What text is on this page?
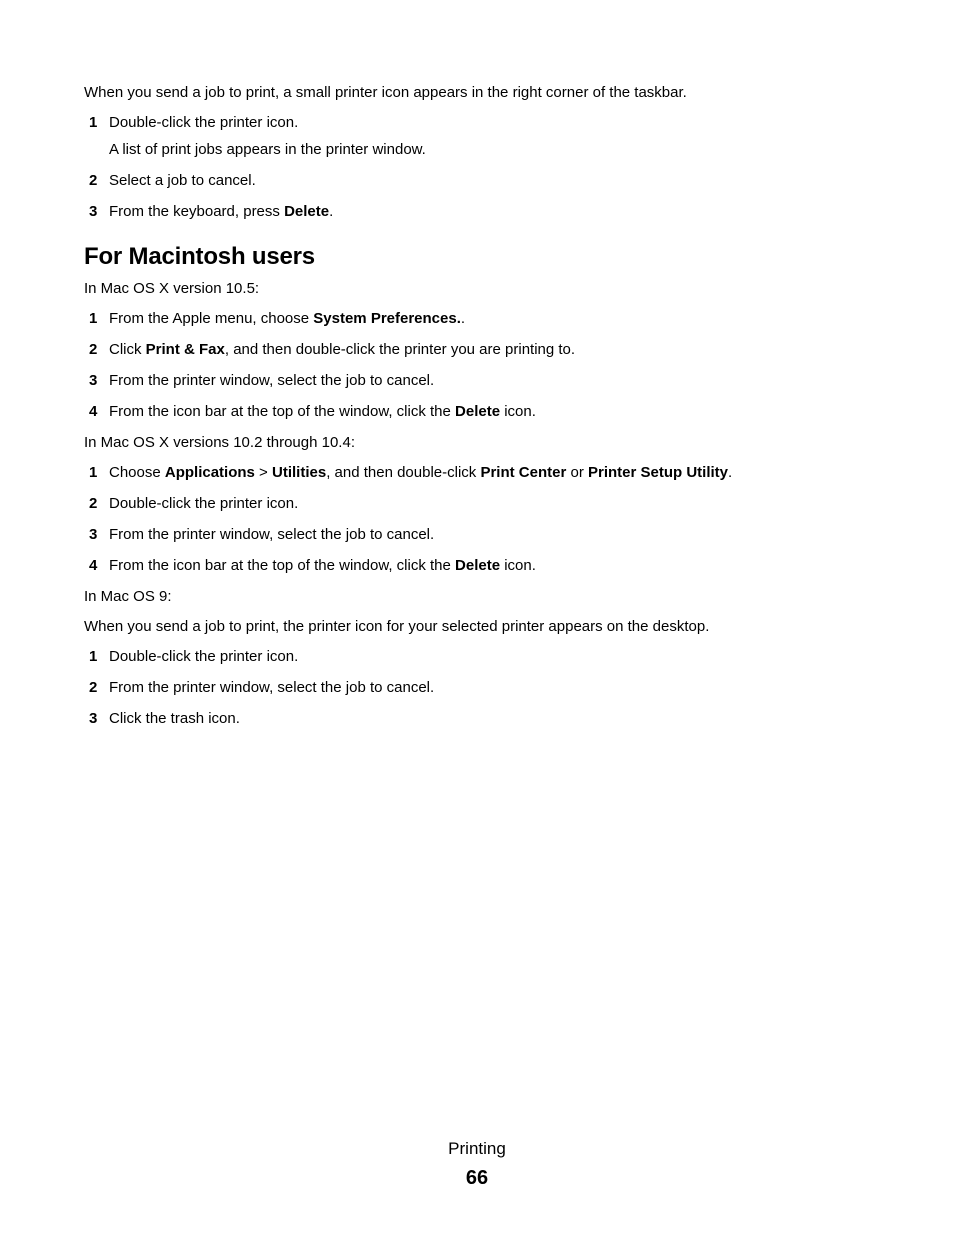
When you send a job to print, a small printer icon appears in the right corner of the taskbar.

1 Double-click the printer icon.
A list of print jobs appears in the printer window.
2 Select a job to cancel.
3 From the keyboard, press Delete.
For Macintosh users

In Mac OS X version 10.5:

1 From the Apple menu, choose System Preferences..
2 Click Print & Fax, and then double-click the printer you are printing to.
3 From the printer window, select the job to cancel.
4 From the icon bar at the top of the window, click the Delete icon.

In Mac OS X versions 10.2 through 10.4:

1 Choose Applications > Utilities, and then double-click Print Center or Printer Setup Utility.
2 Double-click the printer icon.
3 From the printer window, select the job to cancel.
4 From the icon bar at the top of the window, click the Delete icon.

In Mac OS 9:

When you send a job to print, the printer icon for your selected printer appears on the desktop.

1 Double-click the printer icon.
2 From the printer window, select the job to cancel.
3 Click the trash icon.
Printing
66
